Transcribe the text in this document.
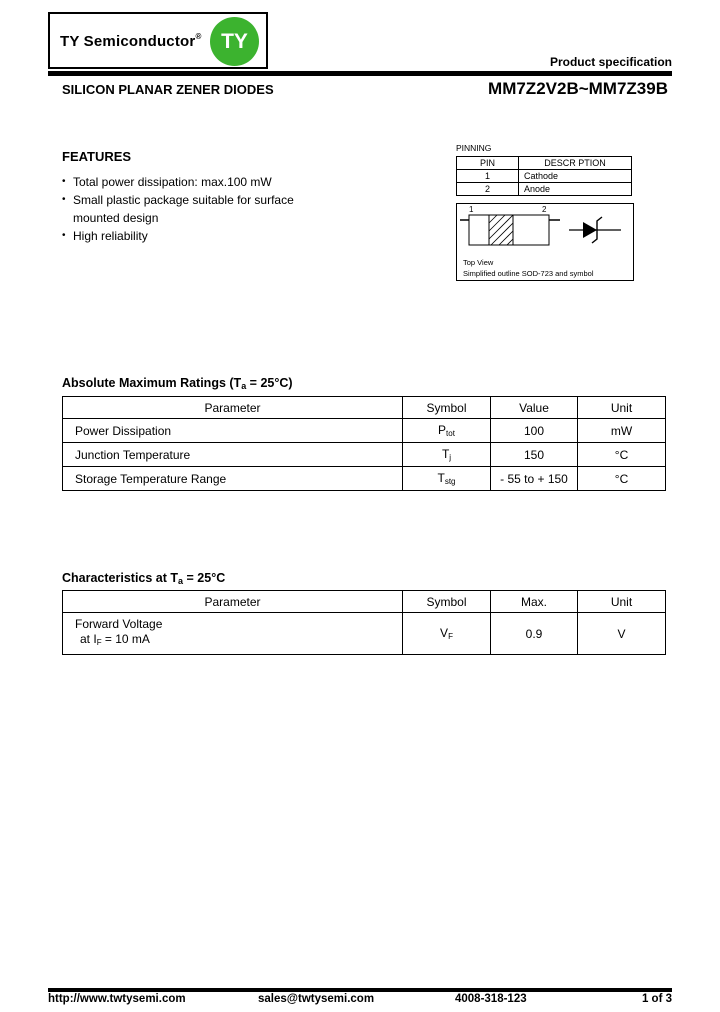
TY Semiconductor® TY
Product specification
SILICON PLANAR ZENER DIODES	MM7Z2V2B~MM7Z39B
FEATURES
• Total power dissipation: max.100 mW
• Small plastic package suitable for surface mounted design
• High reliability
PINNING
PIN	DESCR PTION
1	Cathode
2	Anode
1	2
Top View
Simplified outline SOD-723 and symbol
Absolute Maximum Ratings (Ta = 25°C)
Parameter	Symbol	Value	Unit
Power Dissipation	$P_{tot}$	100	mW
Junction Temperature	$T_j$	150	°C
Storage Temperature Range	$T_{stg}$	- 55 to + 150	°C
Characteristics at Ta = 25°C
Parameter	Symbol	Max.	Unit

Forward Voltage
at $I_F = 10$ mA	$V_F$	0.9	V
http://www.twtysemi.com	sales@twtysemi.com	4008-318-123	1 of 3
